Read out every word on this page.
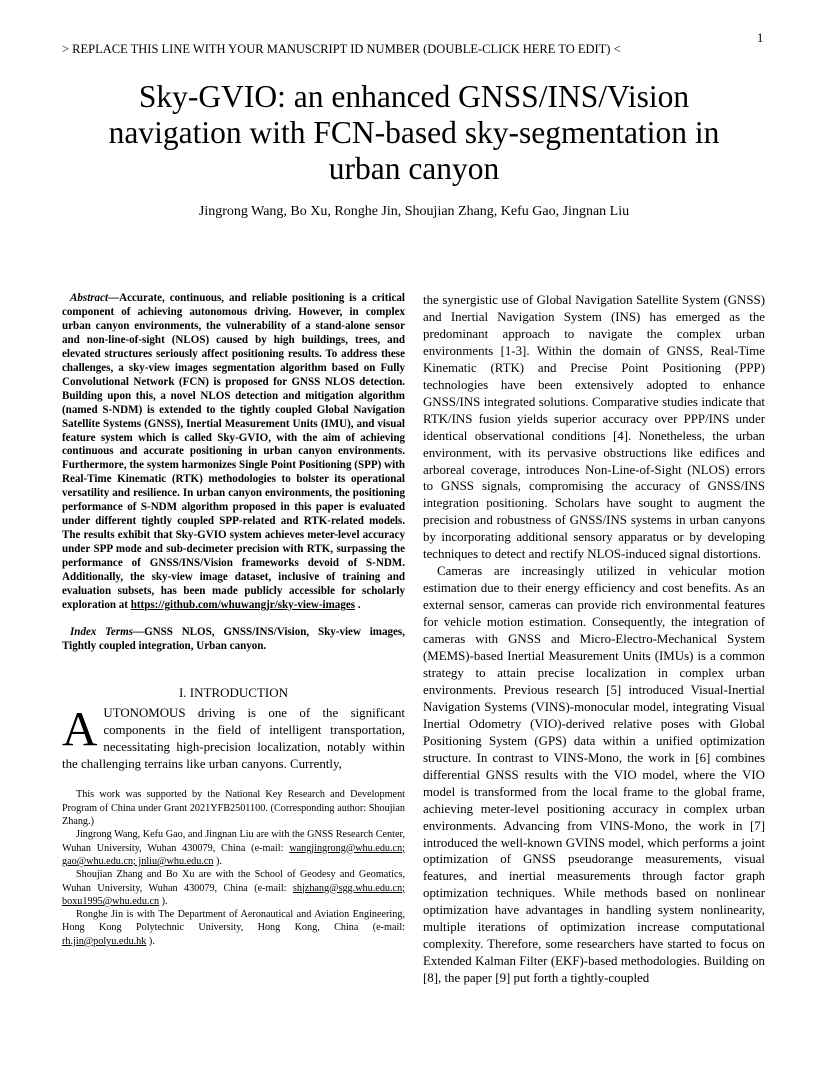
> REPLACE THIS LINE WITH YOUR MANUSCRIPT ID NUMBER (DOUBLE-CLICK HERE TO EDIT) <
1
Sky-GVIO: an enhanced GNSS/INS/Vision
navigation with FCN-based sky-segmentation in
urban canyon
Jingrong Wang, Bo Xu, Ronghe Jin, Shoujian Zhang, Kefu Gao, Jingnan Liu

Abstract—Accurate, continuous, and reliable positioning is a critical component of achieving autonomous driving. However, in complex urban canyon environments, the vulnerability of a stand-alone sensor and non-line-of-sight (NLOS) caused by high buildings, trees, and elevated structures seriously affect positioning results. To address these challenges, a sky-view images segmentation algorithm based on Fully Convolutional Network (FCN) is proposed for GNSS NLOS detection. Building upon this, a novel NLOS detection and mitigation algorithm (named S-NDM) is extended to the tightly coupled Global Navigation Satellite Systems (GNSS), Inertial Measurement Units (IMU), and visual feature system which is called Sky-GVIO, with the aim of achieving continuous and accurate positioning in urban canyon environments. Furthermore, the system harmonizes Single Point Positioning (SPP) with Real-Time Kinematic (RTK) methodologies to bolster its operational versatility and resilience. In urban canyon environments, the positioning performance of S-NDM algorithm proposed in this paper is evaluated under different tightly coupled SPP-related and RTK-related models. The results exhibit that Sky-GVIO system achieves meter-level accuracy under SPP mode and sub-decimeter precision with RTK, surpassing the performance of GNSS/INS/Vision frameworks devoid of S-NDM. Additionally, the sky-view image dataset, inclusive of training and evaluation subsets, has been made publicly accessible for scholarly exploration at https://github.com/whuwangjr/sky-view-images .

Index Terms—GNSS NLOS, GNSS/INS/Vision, Sky-view images, Tightly coupled integration, Urban canyon.

I. INTRODUCTION

AUTONOMOUS driving is one of the significant components in the field of intelligent transportation, necessitating high-precision localization, notably within the challenging terrains like urban canyons. Currently,

This work was supported by the National Key Research and Development Program of China under Grant 2021YFB2501100. (Corresponding author: Shoujian Zhang.)

Jingrong Wang, Kefu Gao, and Jingnan Liu are with the GNSS Research Center, Wuhan University, Wuhan 430079, China (e-mail: wangjingrong@whu.edu.cn; gao@whu.edu.cn; jnliu@whu.edu.cn ).

Shoujian Zhang and Bo Xu are with the School of Geodesy and Geomatics, Wuhan University, Wuhan 430079, China (e-mail: shjzhang@sgg.whu.edu.cn; boxu1995@whu.edu.cn ).

Ronghe Jin is with The Department of Aeronautical and Aviation Engineering, Hong Kong Polytechnic University, Hong Kong, China (e-mail: rh.jin@polyu.edu.hk ).

the synergistic use of Global Navigation Satellite System (GNSS) and Inertial Navigation System (INS) has emerged as the predominant approach to navigate the complex urban environments [1-3]. Within the domain of GNSS, Real-Time Kinematic (RTK) and Precise Point Positioning (PPP) technologies have been extensively adopted to enhance GNSS/INS integrated solutions. Comparative studies indicate that RTK/INS fusion yields superior accuracy over PPP/INS under identical observational conditions [4]. Nonetheless, the urban environment, with its pervasive obstructions like edifices and arboreal coverage, introduces Non-Line-of-Sight (NLOS) errors to GNSS signals, compromising the accuracy of GNSS/INS integration positioning. Scholars have sought to augment the precision and robustness of GNSS/INS systems in urban canyons by incorporating additional sensory apparatus or by developing techniques to detect and rectify NLOS-induced signal distortions.

Cameras are increasingly utilized in vehicular motion estimation due to their energy efficiency and cost benefits. As an external sensor, cameras can provide rich environmental features for vehicle motion estimation. Consequently, the integration of cameras with GNSS and Micro-Electro-Mechanical System (MEMS)-based Inertial Measurement Units (IMUs) is a common strategy to attain precise localization in complex urban environments. Previous research [5] introduced Visual-Inertial Navigation Systems (VINS)-monocular model, integrating Visual Inertial Odometry (VIO)-derived relative poses with Global Positioning System (GPS) data within a unified optimization structure. In contrast to VINS-Mono, the work in [6] combines differential GNSS results with the VIO model, where the VIO model is transformed from the local frame to the global frame, achieving meter-level positioning accuracy in complex urban environments. Advancing from VINS-Mono, the work in [7] introduced the well-known GVINS model, which performs a joint optimization of GNSS pseudorange measurements, visual features, and inertial measurements through factor graph optimization techniques. While methods based on nonlinear optimization have advantages in handling system nonlinearity, multiple iterations of optimization increase computational complexity. Therefore, some researchers have started to focus on Extended Kalman Filter (EKF)-based methodologies. Building on [8], the paper [9] put forth a tightly-coupled
